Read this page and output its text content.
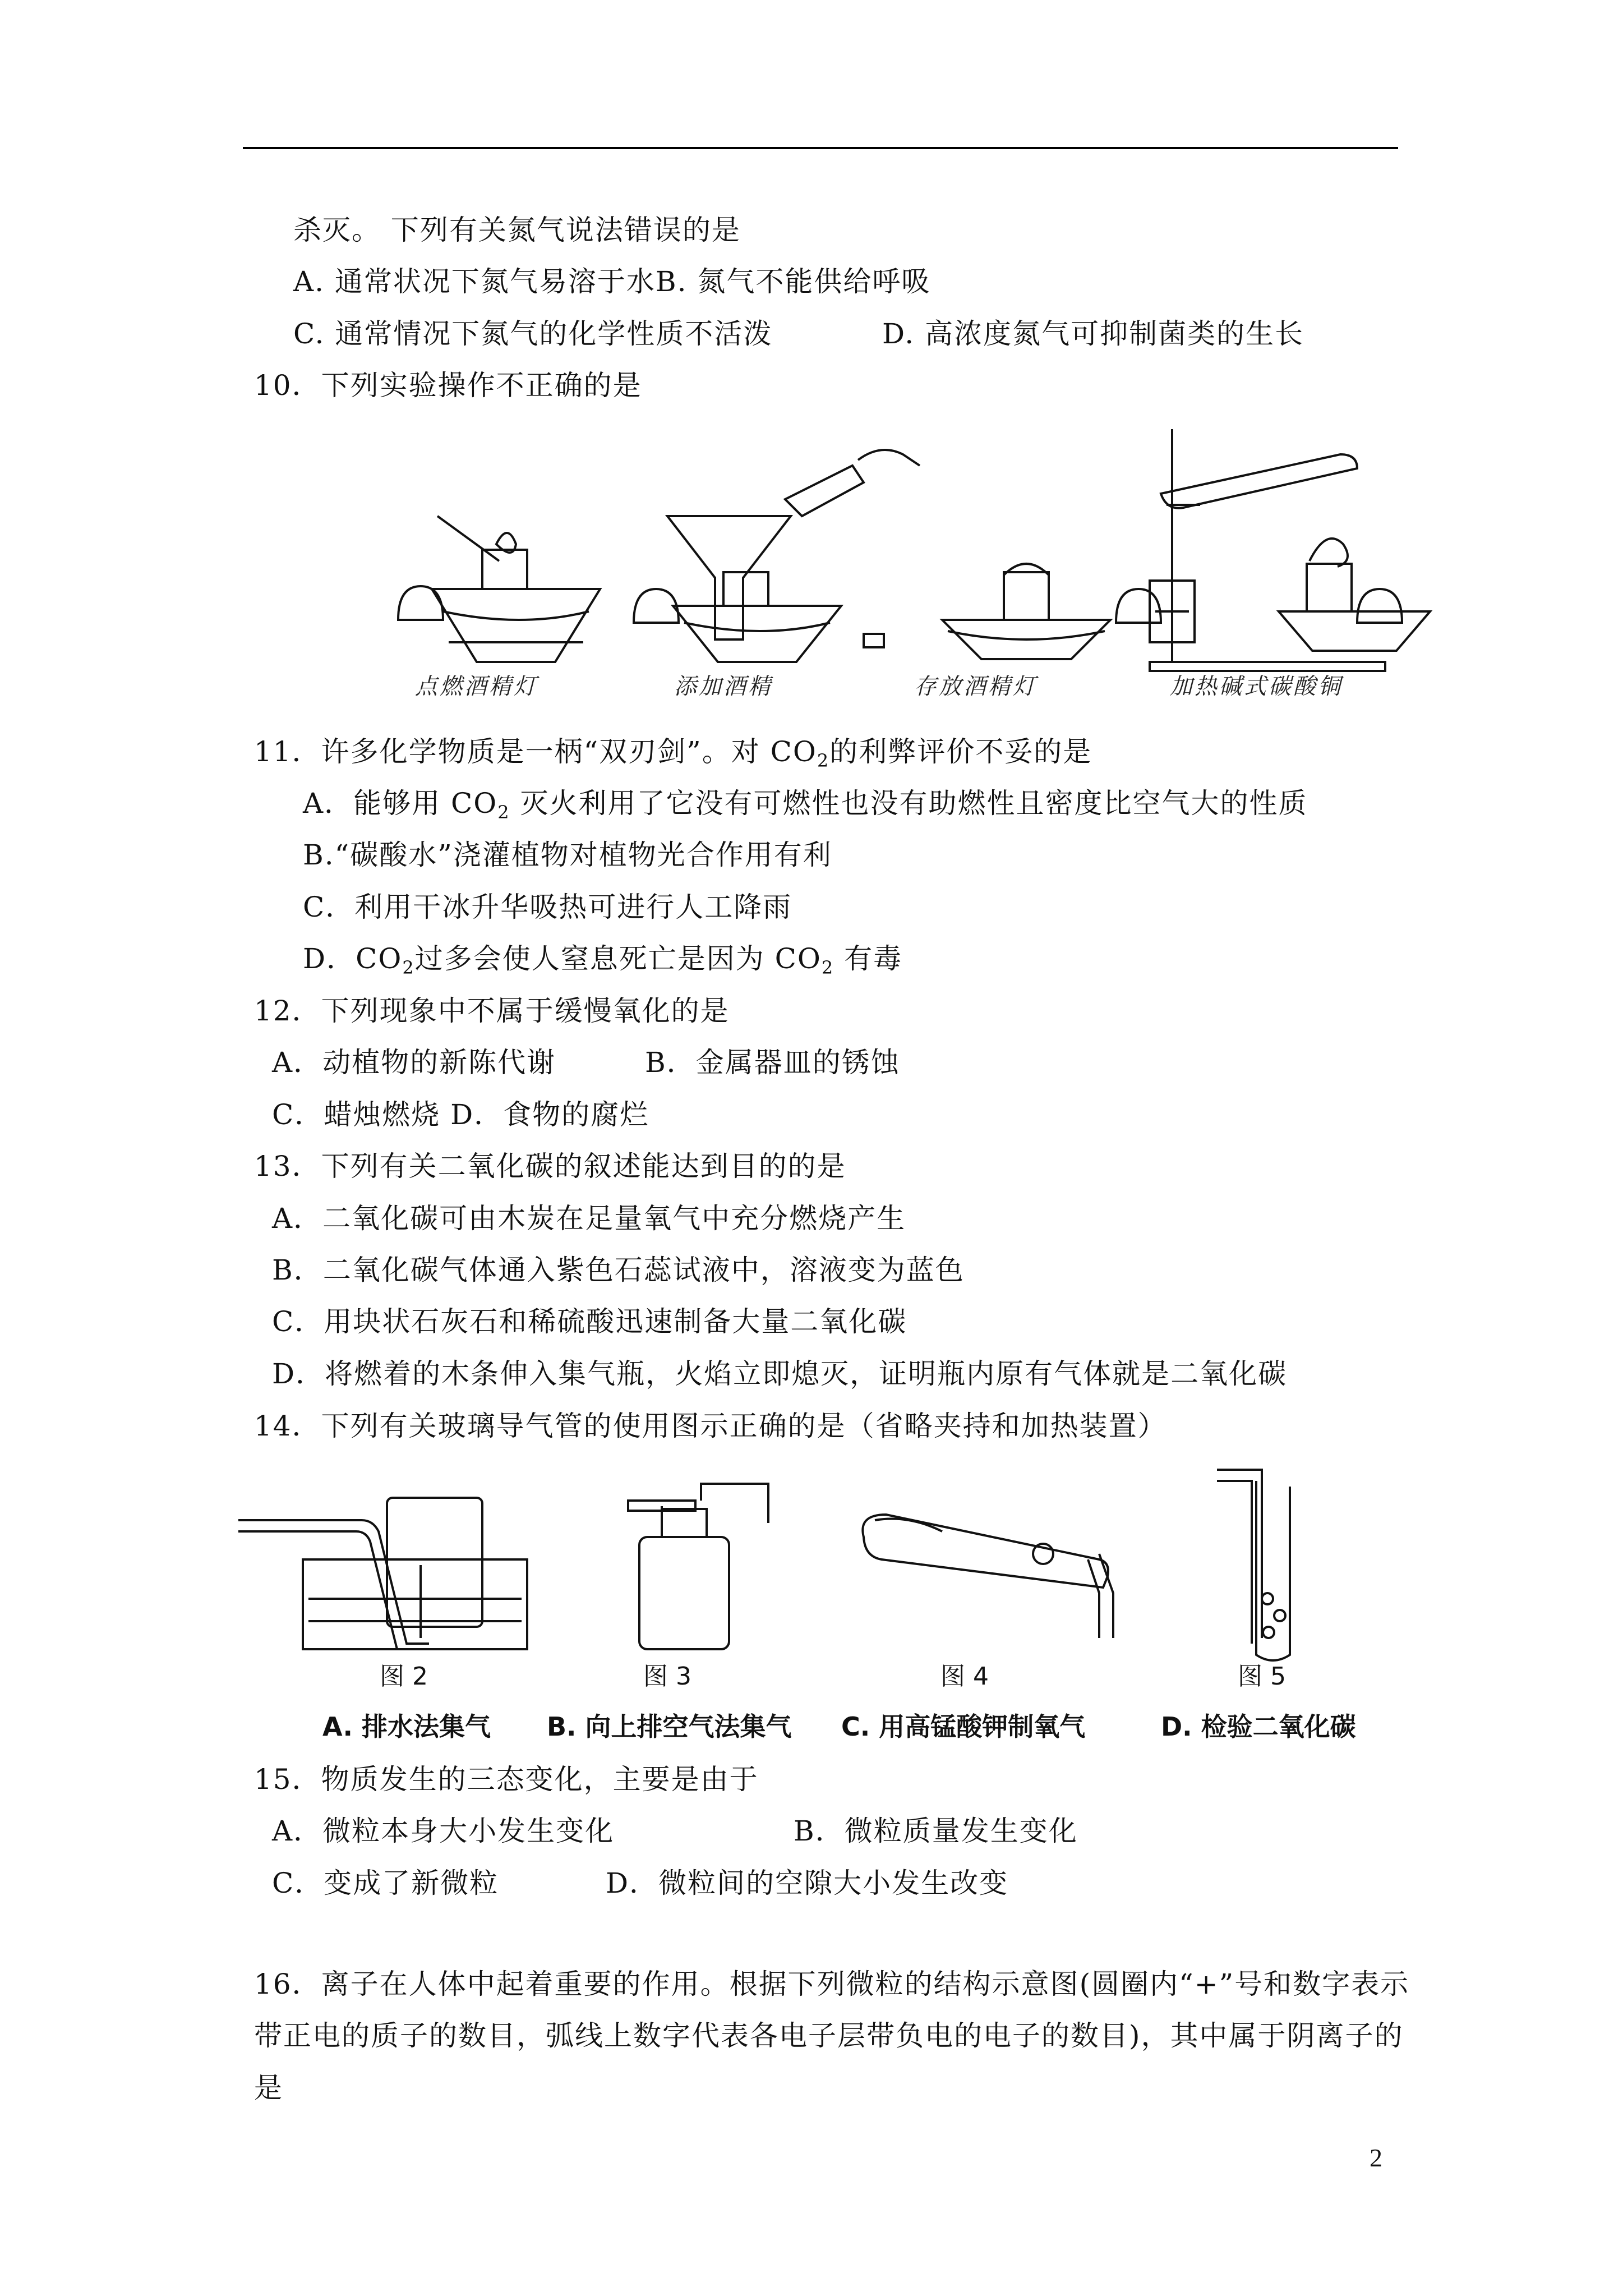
杀灭。 下列有关氮气说法错误的是
A. 通常状况下氮气易溶于水B. 氮气不能供给呼吸
C. 通常情况下氮气的化学性质不活泼	D. 高浓度氮气可抑制菌类的生长
10．下列实验操作不正确的是
点燃酒精灯	添加酒精	存放酒精灯	加热碱式碳酸铜
11．许多化学物质是一柄“双刃剑”。对 $CO_2$的利弊评价不妥的是
A．能够用 $CO_2$ 灭火利用了它没有可燃性也没有助燃性且密度比空气大的性质
B.“碳酸水”浇灌植物对植物光合作用有利
C．利用干冰升华吸热可进行人工降雨
D．$CO_2$过多会使人窒息死亡是因为 $CO_2$ 有毒
12．下列现象中不属于缓慢氧化的是
A．动植物的新陈代谢	B．金属器皿的锈蚀
C．蜡烛燃烧 D．食物的腐烂
13．下列有关二氧化碳的叙述能达到目的的是
A．二氧化碳可由木炭在足量氧气中充分燃烧产生
B．二氧化碳气体通入紫色石蕊试液中，溶液变为蓝色
C．用块状石灰石和稀硫酸迅速制备大量二氧化碳
D．将燃着的木条伸入集气瓶，火焰立即熄灭，证明瓶内原有气体就是二氧化碳
14．下列有关玻璃导气管的使用图示正确的是（省略夹持和加热装置）
图 2	图 3	图 4	图 5
A. 排水法集气 B. 向上排空气法集气 C. 用高锰酸钾制氧气	D. 检验二氧化碳
15．物质发生的三态变化，主要是由于
A．微粒本身大小发生变化	B．微粒质量发生变化
C．变成了新微粒	D．微粒间的空隙大小发生改变
16．离子在人体中起着重要的作用。根据下列微粒的结构示意图(圆圈内“+”号和数字表示
带正电的质子的数目，弧线上数字代表各电子层带负电的电子的数目)，其中属于阴离子的
是
2
